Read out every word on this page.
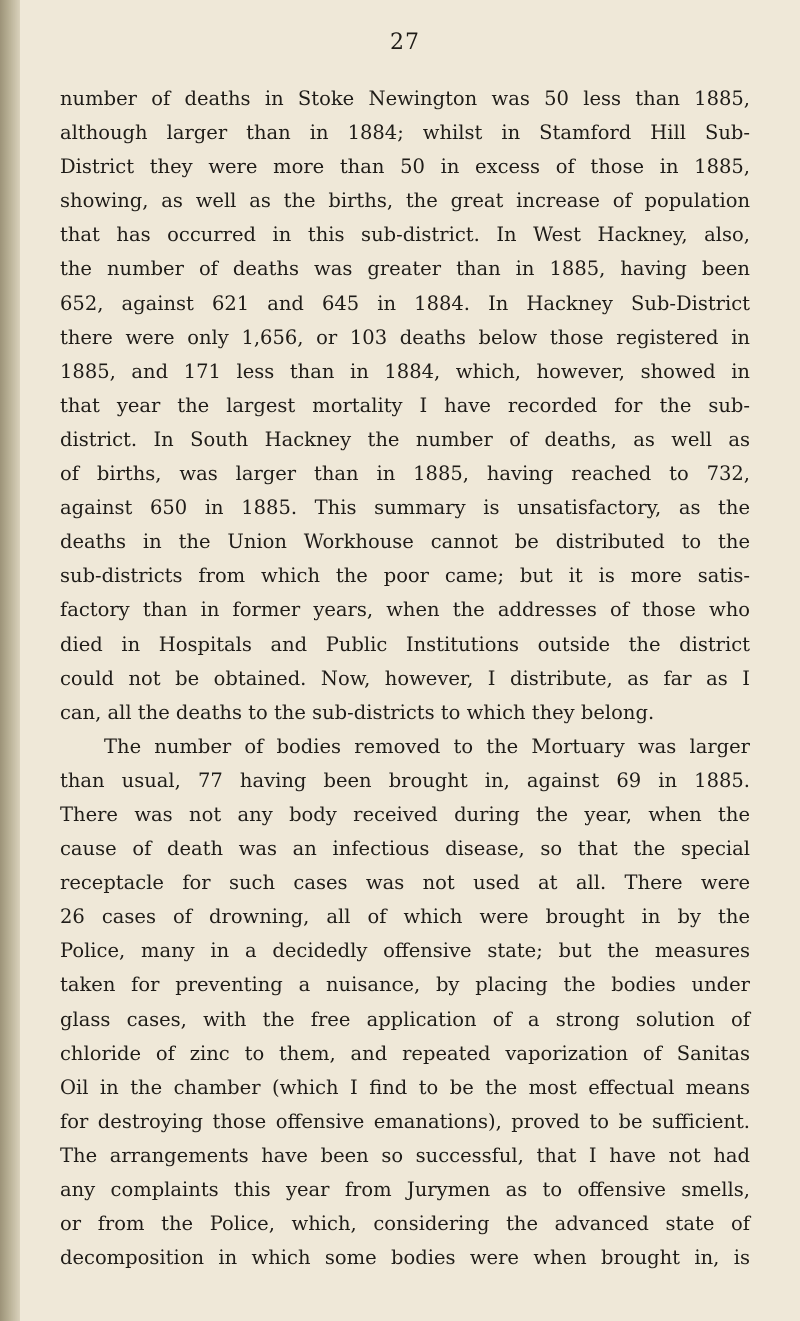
27
number of deaths in Stoke Newington was 50 less than 1885,
although larger than in 1884; whilst in Stamford Hill Sub-
District they were more than 50 in excess of those in 1885,
showing, as well as the births, the great increase of population
that has occurred in this sub-district. In West Hackney, also,
the number of deaths was greater than in 1885, having been
652, against 621 and 645 in 1884. In Hackney Sub-District
there were only 1,656, or 103 deaths below those registered in
1885, and 171 less than in 1884, which, however, showed in
that year the largest mortality I have recorded for the sub-
district. In South Hackney the number of deaths, as well as
of births, was larger than in 1885, having reached to 732,
against 650 in 1885. This summary is unsatisfactory, as the
deaths in the Union Workhouse cannot be distributed to the
sub-districts from which the poor came; but it is more satis-
factory than in former years, when the addresses of those who
died in Hospitals and Public Institutions outside the district
could not be obtained. Now, however, I distribute, as far as I
can, all the deaths to the sub-districts to which they belong.
The number of bodies removed to the Mortuary was larger
than usual, 77 having been brought in, against 69 in 1885.
There was not any body received during the year, when the
cause of death was an infectious disease, so that the special
receptacle for such cases was not used at all. There were
26 cases of drowning, all of which were brought in by the
Police, many in a decidedly offensive state; but the measures
taken for preventing a nuisance, by placing the bodies under
glass cases, with the free application of a strong solution of
chloride of zinc to them, and repeated vaporization of Sanitas
Oil in the chamber (which I find to be the most effectual means
for destroying those offensive emanations), proved to be sufficient.
The arrangements have been so successful, that I have not had
any complaints this year from Jurymen as to offensive smells,
or from the Police, which, considering the advanced state of
decomposition in which some bodies were when brought in, is
